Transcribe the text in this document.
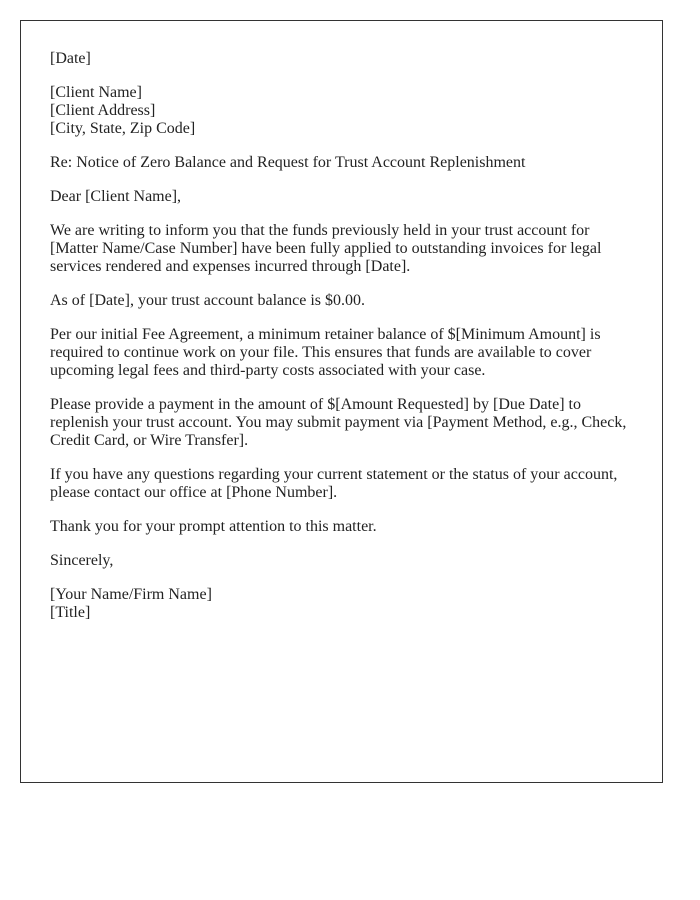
[Date]

[Client Name]
[Client Address]
[City, State, Zip Code]

Re: Notice of Zero Balance and Request for Trust Account Replenishment

Dear [Client Name],

We are writing to inform you that the funds previously held in your trust account for [Matter Name/Case Number] have been fully applied to outstanding invoices for legal services rendered and expenses incurred through [Date].

As of [Date], your trust account balance is $0.00.

Per our initial Fee Agreement, a minimum retainer balance of $[Minimum Amount] is required to continue work on your file. This ensures that funds are available to cover upcoming legal fees and third-party costs associated with your case.

Please provide a payment in the amount of $[Amount Requested] by [Due Date] to replenish your trust account. You may submit payment via [Payment Method, e.g., Check, Credit Card, or Wire Transfer].

If you have any questions regarding your current statement or the status of your account, please contact our office at [Phone Number].

Thank you for your prompt attention to this matter.

Sincerely,

[Your Name/Firm Name]
[Title]
